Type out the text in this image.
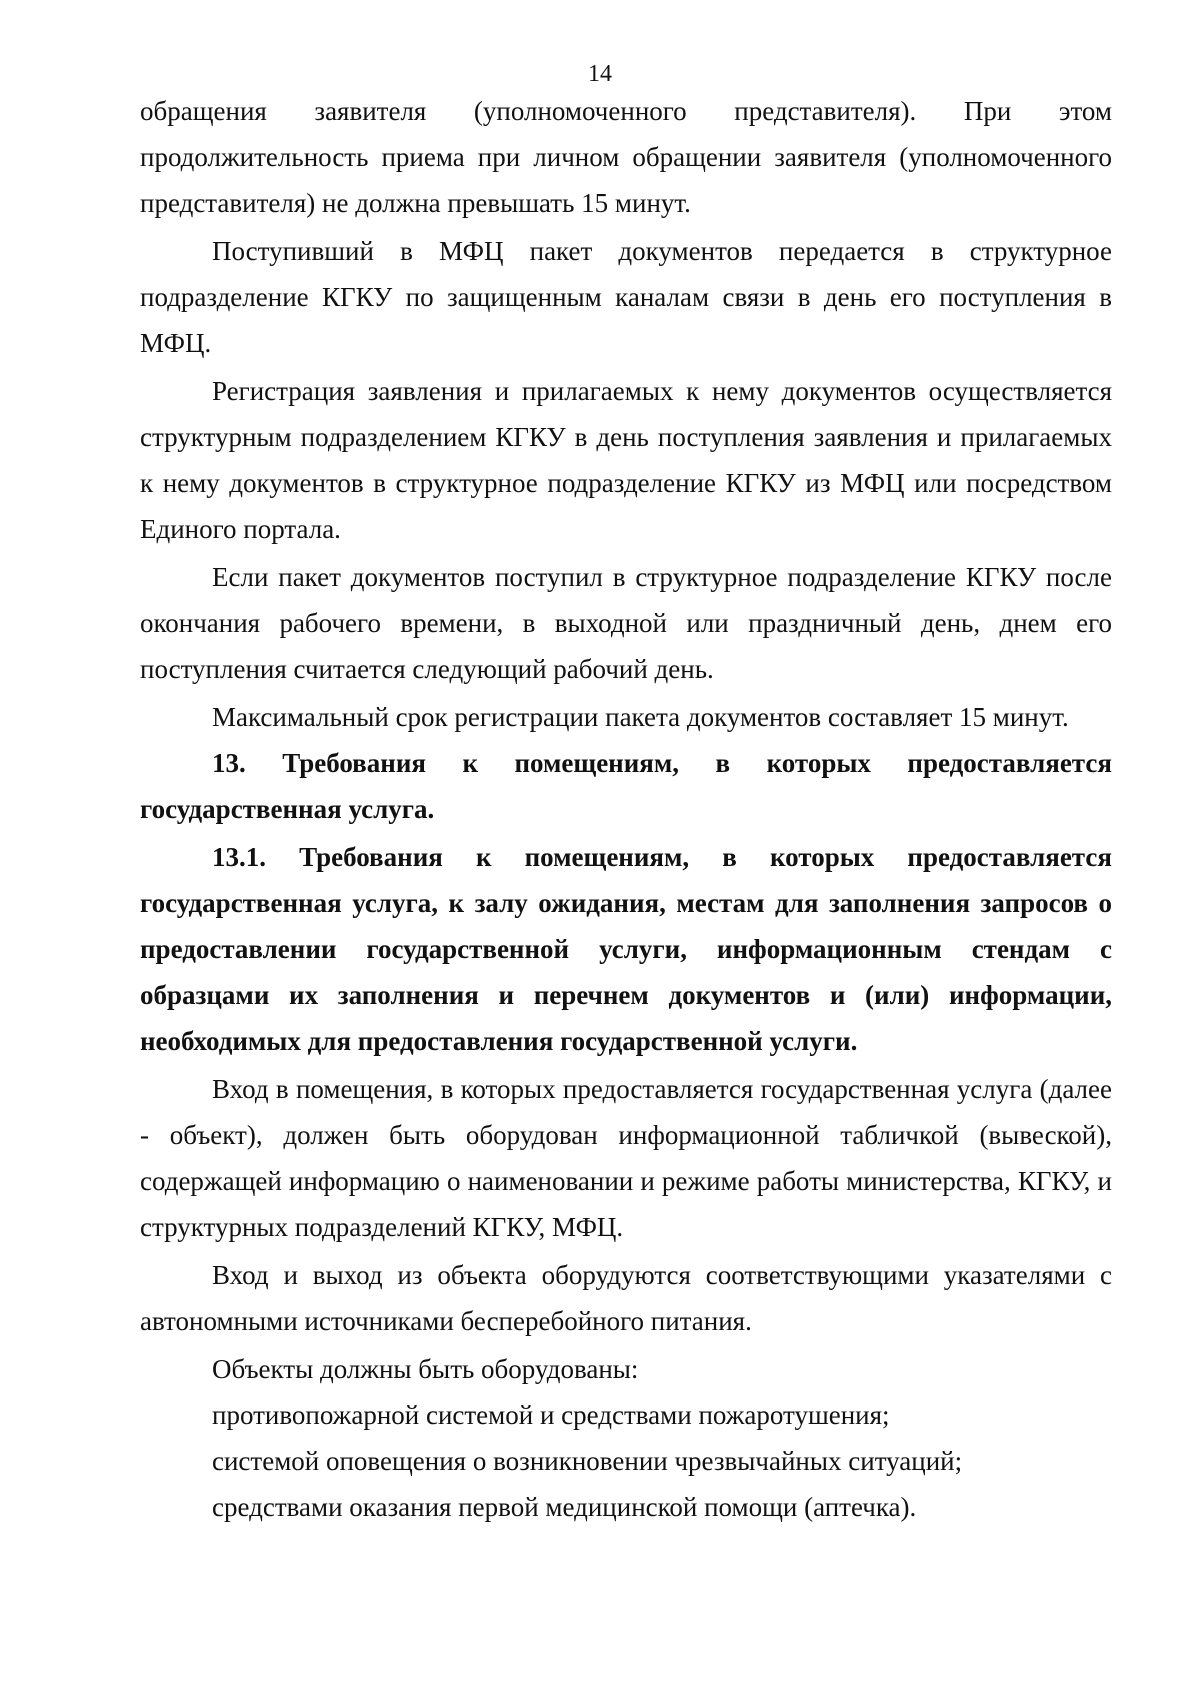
14

обращения заявителя (уполномоченного представителя). При этом продолжительность приема при личном обращении заявителя (уполномоченного представителя) не должна превышать 15 минут.

Поступивший в МФЦ пакет документов передается в структурное подразделение КГКУ по защищенным каналам связи в день его поступления в МФЦ.

Регистрация заявления и прилагаемых к нему документов осуществляется структурным подразделением КГКУ в день поступления заявления и прилагаемых к нему документов в структурное подразделение КГКУ из МФЦ или посредством Единого портала.

Если пакет документов поступил в структурное подразделение КГКУ после окончания рабочего времени, в выходной или праздничный день, днем его поступления считается следующий рабочий день.

Максимальный срок регистрации пакета документов составляет 15 минут.

13. Требования к помещениям, в которых предоставляется государственная услуга.

13.1. Требования к помещениям, в которых предоставляется государственная услуга, к залу ожидания, местам для заполнения запросов о предоставлении государственной услуги, информационным стендам с образцами их заполнения и перечнем документов и (или) информации, необходимых для предоставления государственной услуги.

Вход в помещения, в которых предоставляется государственная услуга (далее - объект), должен быть оборудован информационной табличкой (вывеской), содержащей информацию о наименовании и режиме работы министерства, КГКУ, и структурных подразделений КГКУ, МФЦ.

Вход и выход из объекта оборудуются соответствующими указателями с автономными источниками бесперебойного питания.

Объекты должны быть оборудованы:

противопожарной системой и средствами пожаротушения;

системой оповещения о возникновении чрезвычайных ситуаций;

средствами оказания первой медицинской помощи (аптечка).
